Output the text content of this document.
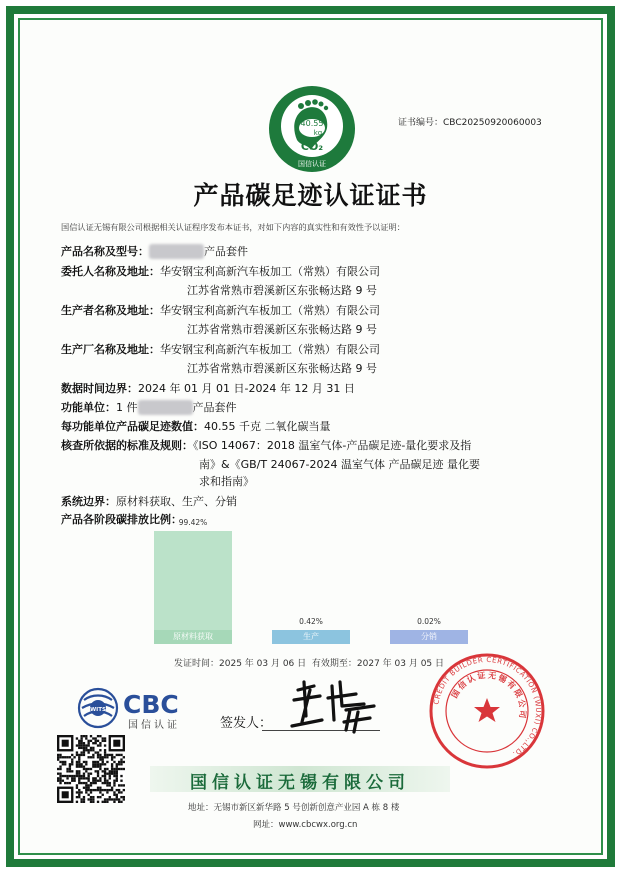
40.55
kg
CO₂
国信认证
证书编号：CBC20250920060003
产品碳足迹认证证书
国信认证无锡有限公司根据相关认证程序发布本证书，对如下内容的真实性和有效性予以证明：
产品名称及型号：	产品套件
委托人名称及地址：华安钢宝利高新汽车板加工（常熟）有限公司
江苏省常熟市碧溪新区东张畅达路 9 号
生产者名称及地址：华安钢宝利高新汽车板加工（常熟）有限公司
江苏省常熟市碧溪新区东张畅达路 9 号
生产厂名称及地址：华安钢宝利高新汽车板加工（常熟）有限公司
江苏省常熟市碧溪新区东张畅达路 9 号
数据时间边界：2024 年 01 月 01 日-2024 年 12 月 31 日
功能单位：1 件	产品套件
每功能单位产品碳足迹数值：40.55 千克 二氧化碳当量
核查所依据的标准及规则：《ISO 14067：2018 温室气体-产品碳足迹-量化要求及指
南》&《GB/T 24067-2024 温室气体 产品碳足迹 量化要
求和指南》
系统边界：原材料获取、生产、分销
产品各阶段碳排放比例：
原材料获取
99.42%
生产
0.42%
分销
0.02%
发证时间：2025 年 03 月 06 日 有效期至：2027 年 03 月 05 日
WITS CBC
国信认证	签发人：
CREDIT BUILDER CERTIFICATION (WUXI) CO.,LTD.
国信认证无锡有限公司
国信认证无锡有限公司
地址：无锡市新区新华路 5 号创新创意产业园 A 栋 8 楼
网址：www.cbcwx.org.cn
